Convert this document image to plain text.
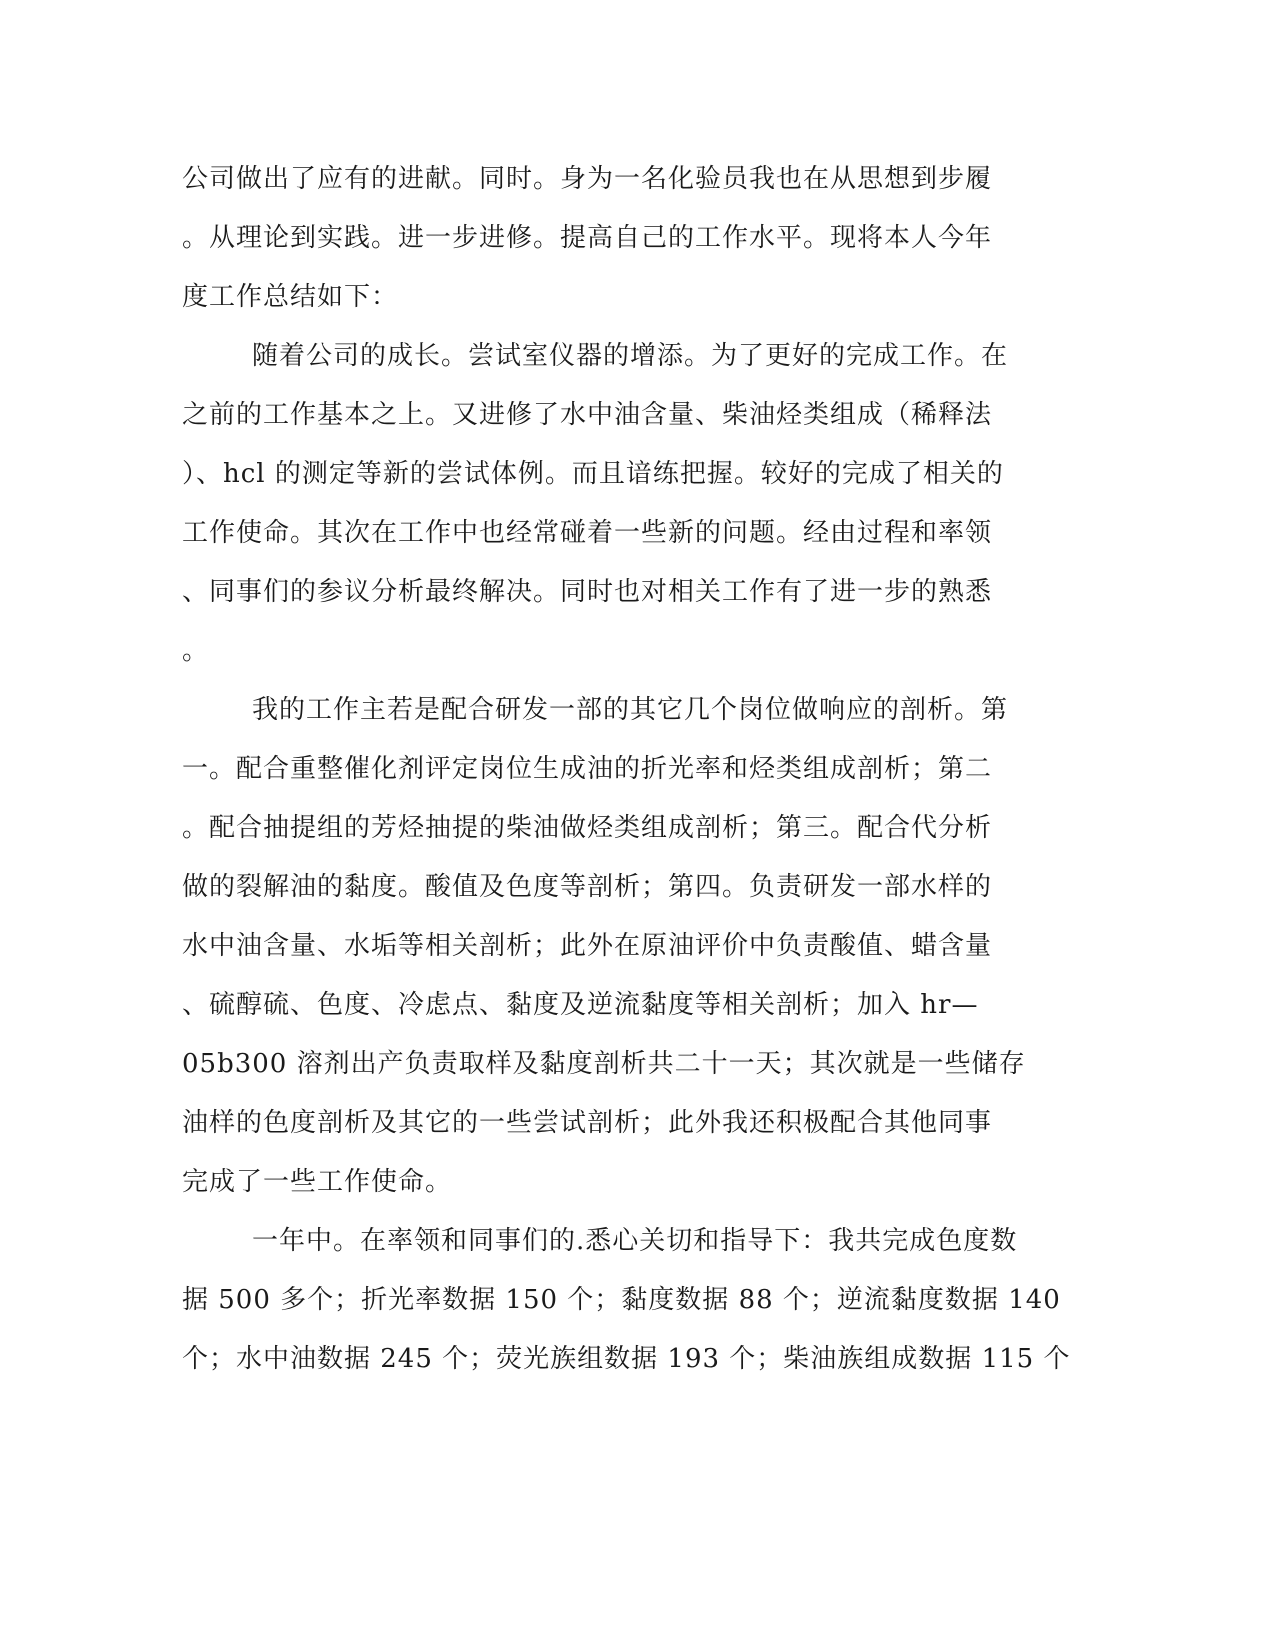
公司做出了应有的进献。同时。身为一名化验员我也在从思想到步履
。从理论到实践。进一步进修。提高自己的工作水平。现将本人今年
度工作总结如下：
随着公司的成长。尝试室仪器的增添。为了更好的完成工作。在
之前的工作基本之上。又进修了水中油含量、柴油烃类组成（稀释法
）、hcl 的测定等新的尝试体例。而且谙练把握。较好的完成了相关的
工作使命。其次在工作中也经常碰着一些新的问题。经由过程和率领
、同事们的参议分析最终解决。同时也对相关工作有了进一步的熟悉
。
我的工作主若是配合研发一部的其它几个岗位做响应的剖析。第
一。配合重整催化剂评定岗位生成油的折光率和烃类组成剖析；第二
。配合抽提组的芳烃抽提的柴油做烃类组成剖析；第三。配合代分析
做的裂解油的黏度。酸值及色度等剖析；第四。负责研发一部水样的
水中油含量、水垢等相关剖析；此外在原油评价中负责酸值、蜡含量
、硫醇硫、色度、冷虑点、黏度及逆流黏度等相关剖析；加入 hr—
05b300 溶剂出产负责取样及黏度剖析共二十一天；其次就是一些储存
油样的色度剖析及其它的一些尝试剖析；此外我还积极配合其他同事
完成了一些工作使命。
一年中。在率领和同事们的.悉心关切和指导下：我共完成色度数
据 500 多个；折光率数据 150 个；黏度数据 88 个；逆流黏度数据 140
个；水中油数据 245 个；荧光族组数据 193 个；柴油族组成数据 115 个
